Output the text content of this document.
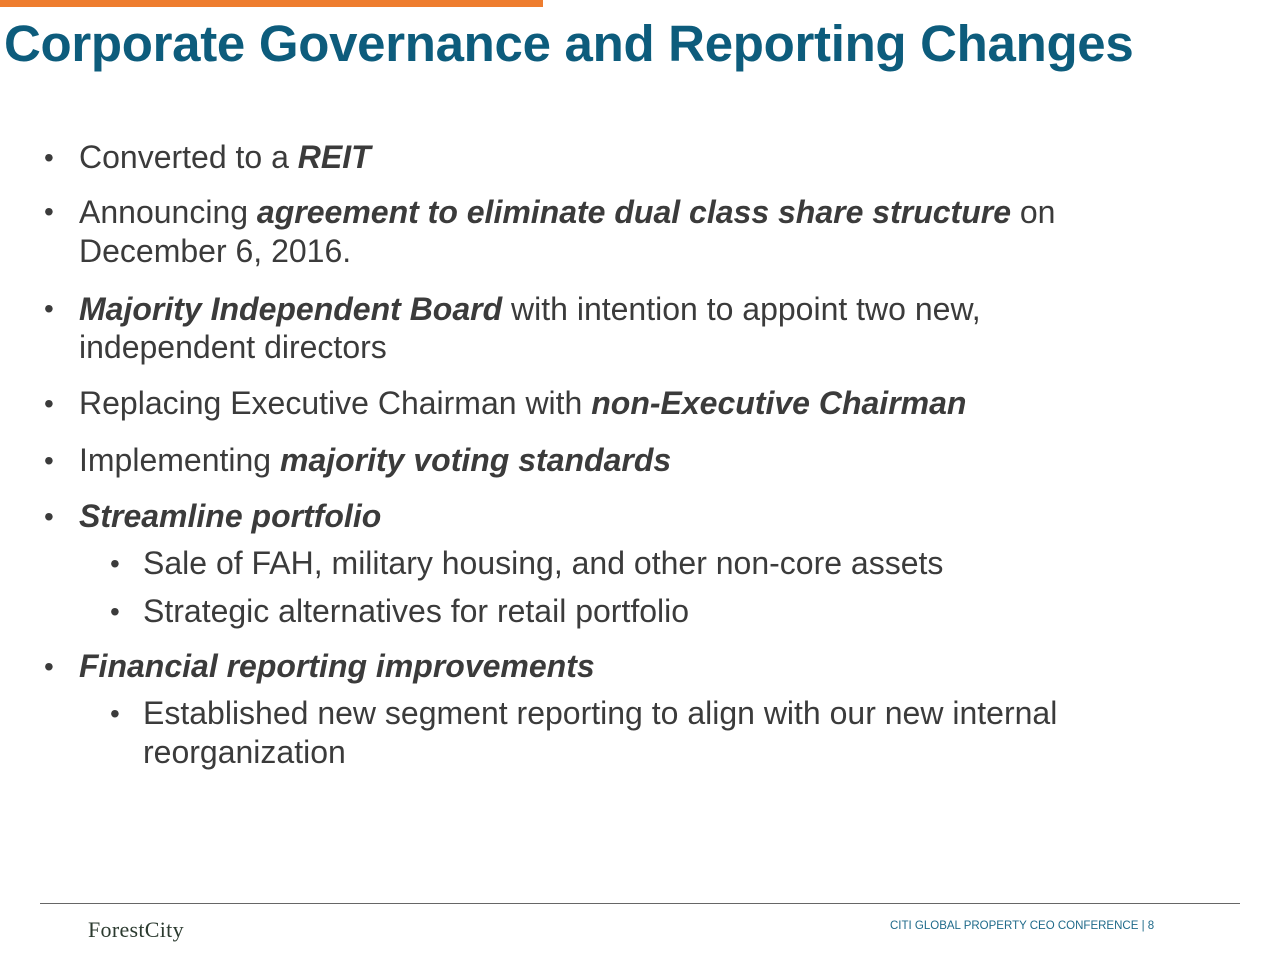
Corporate Governance and Reporting Changes
• Converted to a REIT
• Announcing agreement to eliminate dual class share structure on
December 6, 2016.
• Majority Independent Board with intention to appoint two new,
independent directors
• Replacing Executive Chairman with non-Executive Chairman
• Implementing majority voting standards
• Streamline portfolio
• Sale of FAH, military housing, and other non-core assets
• Strategic alternatives for retail portfolio
• Financial reporting improvements
• Established new segment reporting to align with our new internal
reorganization
ForestCity	CITI GLOBAL PROPERTY CEO CONFERENCE | 8
